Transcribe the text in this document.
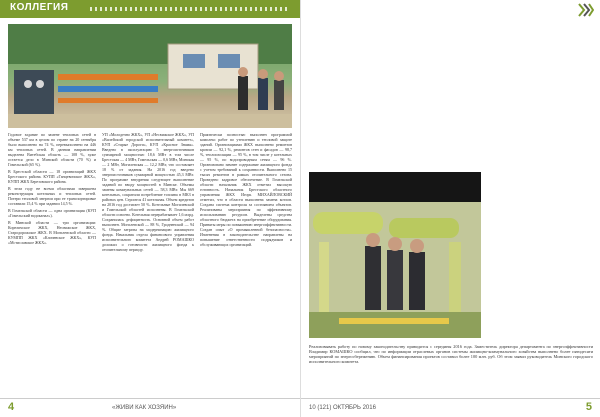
КОЛЛЕГИЯ

Годовое задание по замене тепловых сетей в объеме 537 км в целом по стране на 20 сентября было выполнено на 74 %, перевыполнено на 446 км тепловых сетей. В данном направлении выделена Витебская область — 108 %, хуже остается дело в Минской области (70 %) и Гомельской (65 %).

В Брестской области — 18 организаций ЖКХ Брестского района. КУПП «Ганцевичское ЖКХ», КУПП ЖКХ Березовского района.

В этом году не всеми областями завершена реконструкция котельных и тепловых сетей. Потери тепловой энергии при ее транспортировке составили 15,4 % при задании 14,5 %.

В Гомельской области — одна организация (КУП «Гомельский водоканал»).

В Минской области — три организации: Кореличское ЖКХ, Несвижское ЖКХ, Стародорожское ЖКХ. В Могилевской области — КУМПП ЖКХ «Кличевское ЖКХ», КУП «Мстиславское ЖКХ».

УП «Молодечно ЖКХ», УП «Несвижское ЖКХ», УП «Вилейский городской исполнительный комитет», КУП «Старые Дороги», КУП «Красное Знамя». Введено в эксплуатацию 5 энергоисточников суммарной мощностью 18,6 МВт в том числе Брестская — 4 МВт, Гомельская — 0,6 МВт, Минская — 2 МВт, Могилевская — 12,2 МВт, что составляет 18 % от задания. На 2016 год введено энергоисточников суммарной мощностью 45,3 МВт. По программе внедрения следующее выполнение заданий по вводу мощностей в Минске. Объемы замены коммунальных сетей — 58,3 МВт. Мы 669 котельных, сократили потребление топлива в МКЗ в районах цен. Строится 41 котельная. Объем кредитов на 2016 год достигает 50 %. Котельные Могилевской и Гомельской областей исполнены. В Гомельской области освоено. Котельная перерабатывает 1,6 млрд. Сохранилась дефицитность. Основной объем работ выполнен. Могилевской — 88 %, Гродненской — 94 %. Общие затраты на модернизацию жилищного фонда. Начальник отдела финансового управления исполнительного комитета Андрей РОМАШКО доложил о готовности жилищного фонда к отопительному периоду.

Практически полностью выполнен программой комплекс работ по утеплению и тепловой защите зданий. Организациями ЖКХ выполнено ремонтов кровли — 92,1 %, ремонтов стен и фасадов — 98,7 %, теплоизоляции — 95 %, в том числе у котельных — 95 %, по водопроводным сетям — 96 %. Организовано зимнее содержание жилищного фонда с учетом требований к сохранности. Выполнено 15 тысяч ремонтов в рамках отопительного сезона. Проведено кадровое обеспечение. В Гомельской области начальник ЖКХ отметил высокую готовность. Начальник Брестского областного управления ЖКХ Игорь МИХАЙЛОВСКИЙ отметил, что в области выполнена замена котлов. Создана система контроля за состоянием объектов. Реализованы мероприятия по эффективному использованию ресурсов. Выделены средства областного бюджета на приобретение оборудования. Приняты меры по повышению энергоэффективности. Создан опыт «О промышленной безопасности». Изменения в законодательстве направлены на повышение ответственности подрядчиков и обслуживающих организаций.

4	«ЖИВИ КАК ХОЗЯИН»

Реализовывать работу по новому законодательству приводится с середины 2016 года. Заместитель директора департамента по энергоэффективности Владимир КОМАШКО сообщил, что по информации отраслевых органов системы жилищно-коммунального хозяйства выполнено более пятидесяти мероприятий по энергосбережению. Объем финансирования проектов составил более 100 млн. руб. Об этом заявил руководитель Минского городского исполнительного комитета.

10 (121) ОКТЯБРЬ 2016	5
